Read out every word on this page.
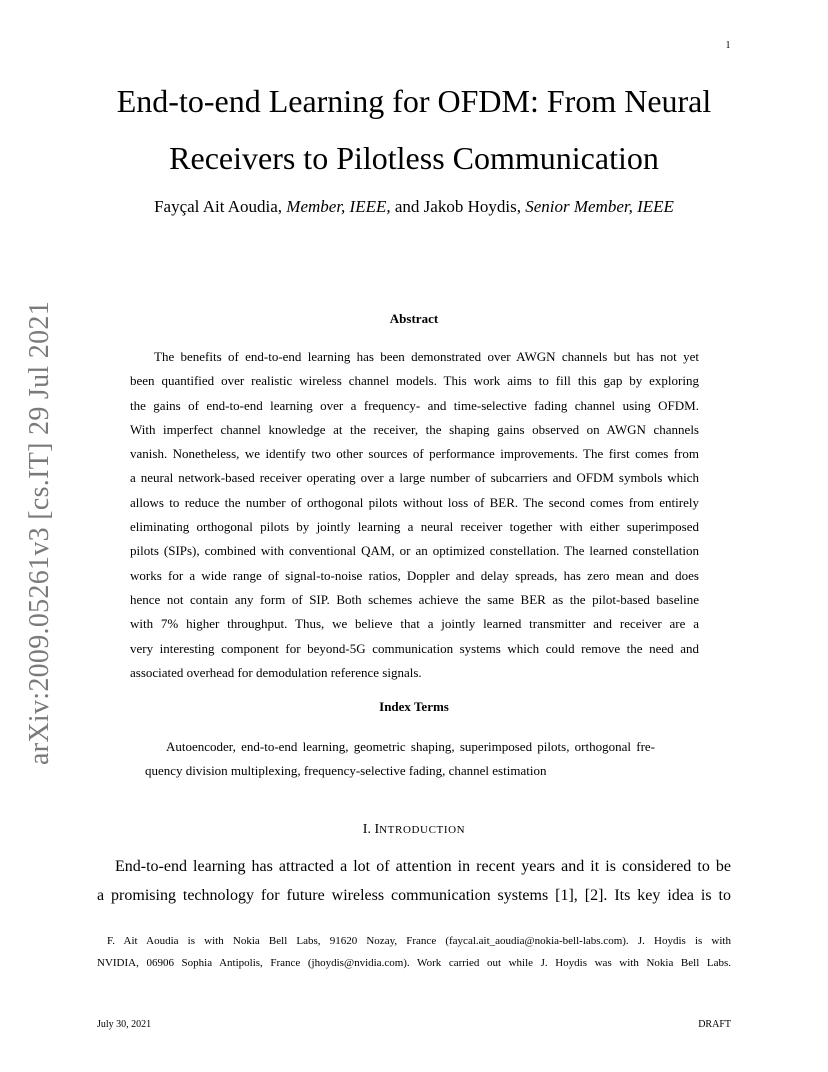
1
arXiv:2009.05261v3 [cs.IT] 29 Jul 2021
End-to-end Learning for OFDM: From Neural
Receivers to Pilotless Communication
Fayçal Ait Aoudia, Member, IEEE, and Jakob Hoydis, Senior Member, IEEE
Abstract
The benefits of end-to-end learning has been demonstrated over AWGN channels but has not yet
been quantified over realistic wireless channel models. This work aims to fill this gap by exploring
the gains of end-to-end learning over a frequency- and time-selective fading channel using OFDM.
With imperfect channel knowledge at the receiver, the shaping gains observed on AWGN channels
vanish. Nonetheless, we identify two other sources of performance improvements. The first comes from
a neural network-based receiver operating over a large number of subcarriers and OFDM symbols which
allows to reduce the number of orthogonal pilots without loss of BER. The second comes from entirely
eliminating orthogonal pilots by jointly learning a neural receiver together with either superimposed
pilots (SIPs), combined with conventional QAM, or an optimized constellation. The learned constellation
works for a wide range of signal-to-noise ratios, Doppler and delay spreads, has zero mean and does
hence not contain any form of SIP. Both schemes achieve the same BER as the pilot-based baseline
with 7% higher throughput. Thus, we believe that a jointly learned transmitter and receiver are a
very interesting component for beyond-5G communication systems which could remove the need and
associated overhead for demodulation reference signals.
Index Terms
Autoencoder, end-to-end learning, geometric shaping, superimposed pilots, orthogonal fre-
quency division multiplexing, frequency-selective fading, channel estimation
I. INTRODUCTION
End-to-end learning has attracted a lot of attention in recent years and it is considered to be
a promising technology for future wireless communication systems [1], [2]. Its key idea is to
F. Ait Aoudia is with Nokia Bell Labs, 91620 Nozay, France (faycal.ait_aoudia@nokia-bell-labs.com). J. Hoydis is with
NVIDIA, 06906 Sophia Antipolis, France (jhoydis@nvidia.com). Work carried out while J. Hoydis was with Nokia Bell Labs.
July 30, 2021	DRAFT
